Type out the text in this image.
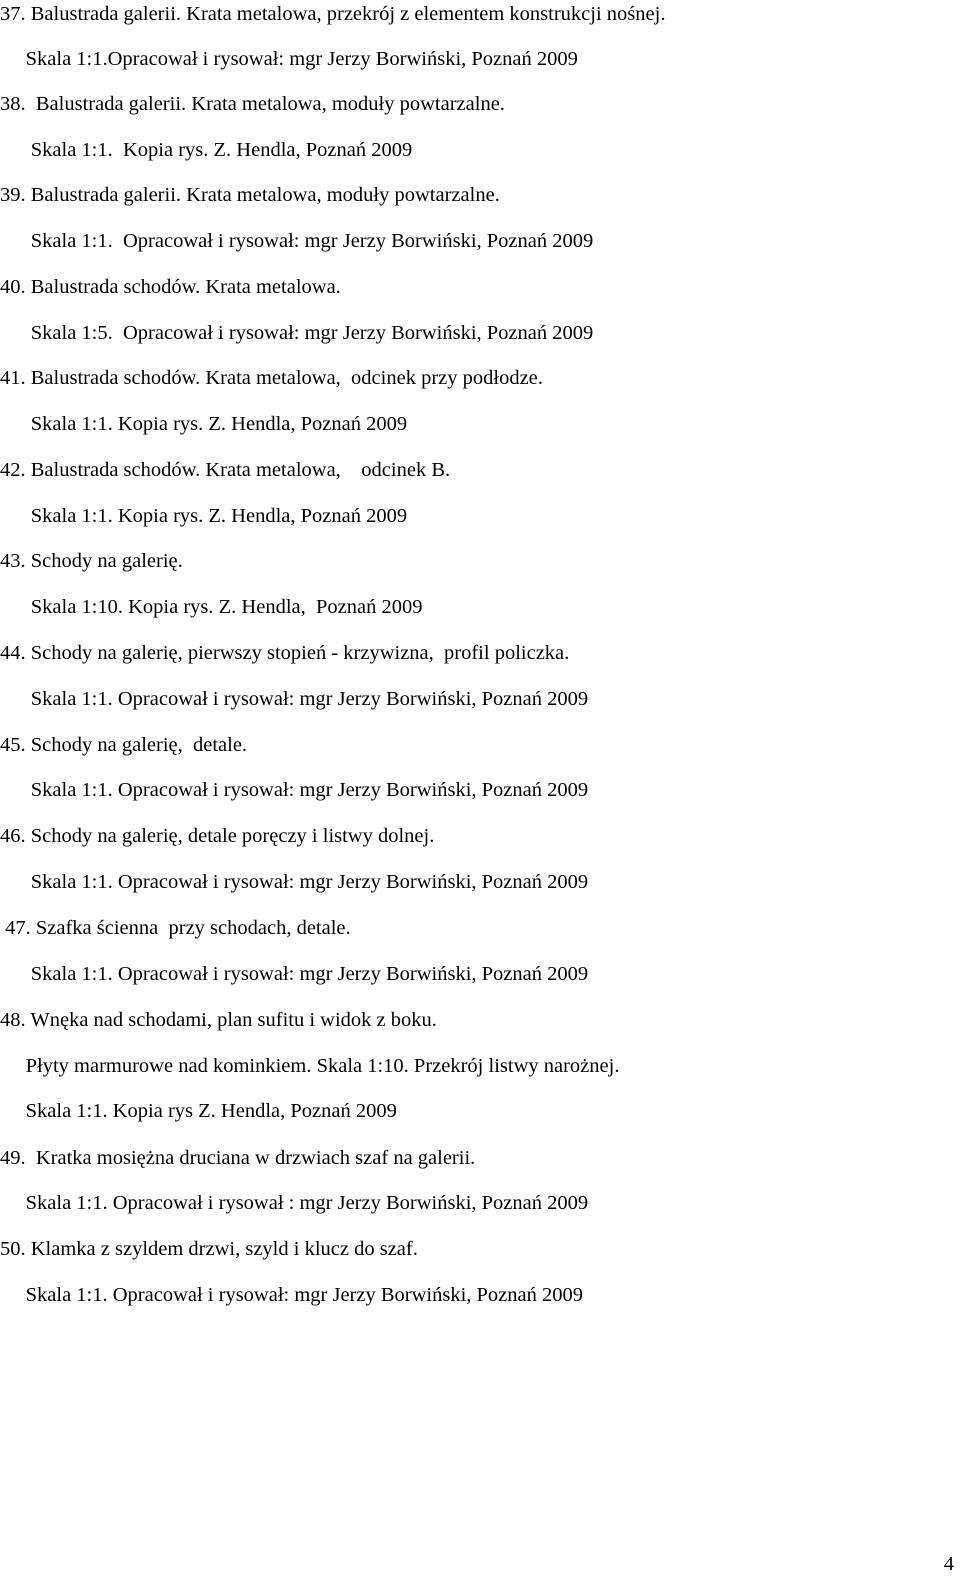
37. Balustrada galerii. Krata metalowa, przekrój z elementem konstrukcji nośnej.
Skala 1:1.Opracował i rysował: mgr Jerzy Borwiński, Poznań 2009
38.  Balustrada galerii. Krata metalowa, moduły powtarzalne.
Skala 1:1.  Kopia rys. Z. Hendla, Poznań 2009
39. Balustrada galerii. Krata metalowa, moduły powtarzalne.
Skala 1:1.  Opracował i rysował: mgr Jerzy Borwiński, Poznań 2009
40. Balustrada schodów. Krata metalowa.
Skala 1:5.  Opracował i rysował: mgr Jerzy Borwiński, Poznań 2009
41. Balustrada schodów. Krata metalowa,  odcinek przy podłodze.
Skala 1:1. Kopia rys. Z. Hendla, Poznań 2009
42. Balustrada schodów. Krata metalowa,    odcinek B.
Skala 1:1. Kopia rys. Z. Hendla, Poznań 2009
43. Schody na galerię.
Skala 1:10. Kopia rys. Z. Hendla,  Poznań 2009
44. Schody na galerię, pierwszy stopień - krzywizna,  profil policzka.
Skala 1:1. Opracował i rysował: mgr Jerzy Borwiński, Poznań 2009
45. Schody na galerię,  detale.
Skala 1:1. Opracował i rysował: mgr Jerzy Borwiński, Poznań 2009
46. Schody na galerię, detale poręczy i listwy dolnej.
Skala 1:1. Opracował i rysował: mgr Jerzy Borwiński, Poznań 2009
47. Szafka ścienna  przy schodach, detale.
Skala 1:1. Opracował i rysował: mgr Jerzy Borwiński, Poznań 2009
48. Wnęka nad schodami, plan sufitu i widok z boku.
Płyty marmurowe nad kominkiem. Skala 1:10. Przekrój listwy narożnej.
Skala 1:1. Kopia rys Z. Hendla, Poznań 2009
49.  Kratka mosiężna druciana w drzwiach szaf na galerii.
Skala 1:1. Opracował i rysował : mgr Jerzy Borwiński, Poznań 2009
50. Klamka z szyldem drzwi, szyld i klucz do szaf.
Skala 1:1. Opracował i rysował: mgr Jerzy Borwiński, Poznań 2009
4
